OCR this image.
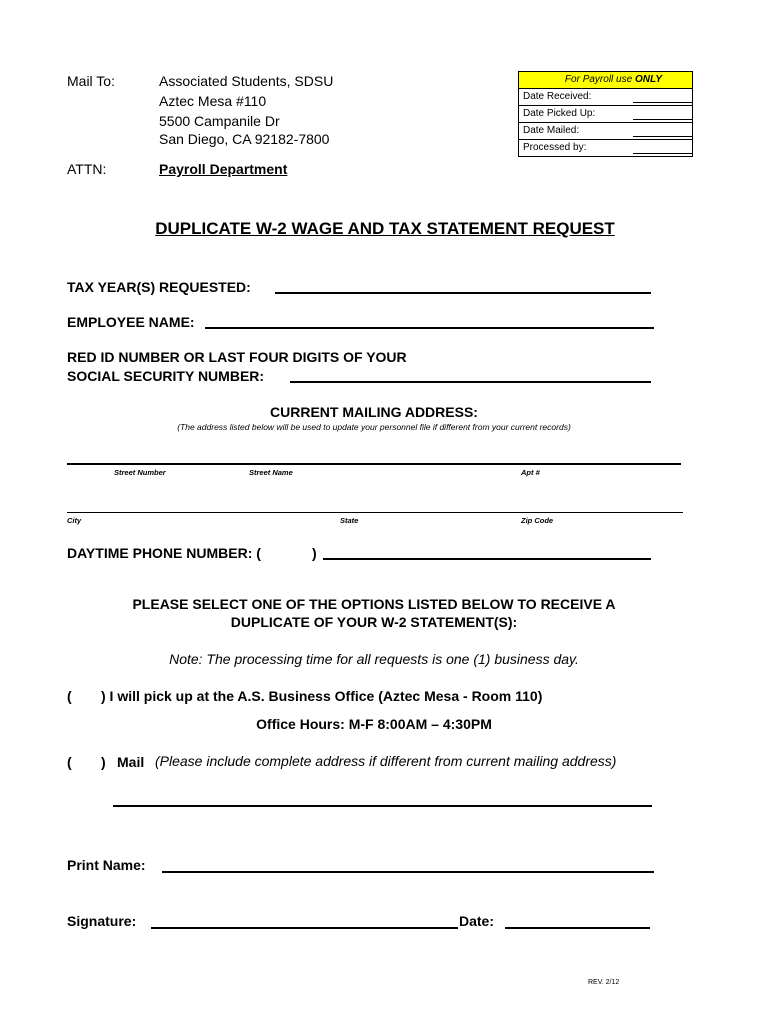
Mail To:	Associated Students, SDSU
Aztec Mesa #110
5500 Campanile Dr
San Diego, CA 92182-7800
ATTN:	Payroll Department
For Payroll use ONLY
Date Received:
Date Picked Up:
Date Mailed:
Processed by:
DUPLICATE W-2 WAGE AND TAX STATEMENT REQUEST
TAX YEAR(S) REQUESTED:
EMPLOYEE NAME:
RED ID NUMBER OR LAST FOUR DIGITS OF YOUR
SOCIAL SECURITY NUMBER:
CURRENT MAILING ADDRESS:
(The address listed below will be used to update your personnel file if different from your current records)
Street Number	Street Name	Apt #
City	State	Zip Code
DAYTIME PHONE NUMBER: (	)
PLEASE SELECT ONE OF THE OPTIONS LISTED BELOW TO RECEIVE A
DUPLICATE OF YOUR W-2 STATEMENT(S):
Note: The processing time for all requests is one (1) business day.
( ) I will pick up at the A.S. Business Office (Aztec Mesa - Room 110)
Office Hours: M-F 8:00AM – 4:30PM
( ) Mail (Please include complete address if different from current mailing address)
Print Name:
Signature:	Date:
REV. 2/12
